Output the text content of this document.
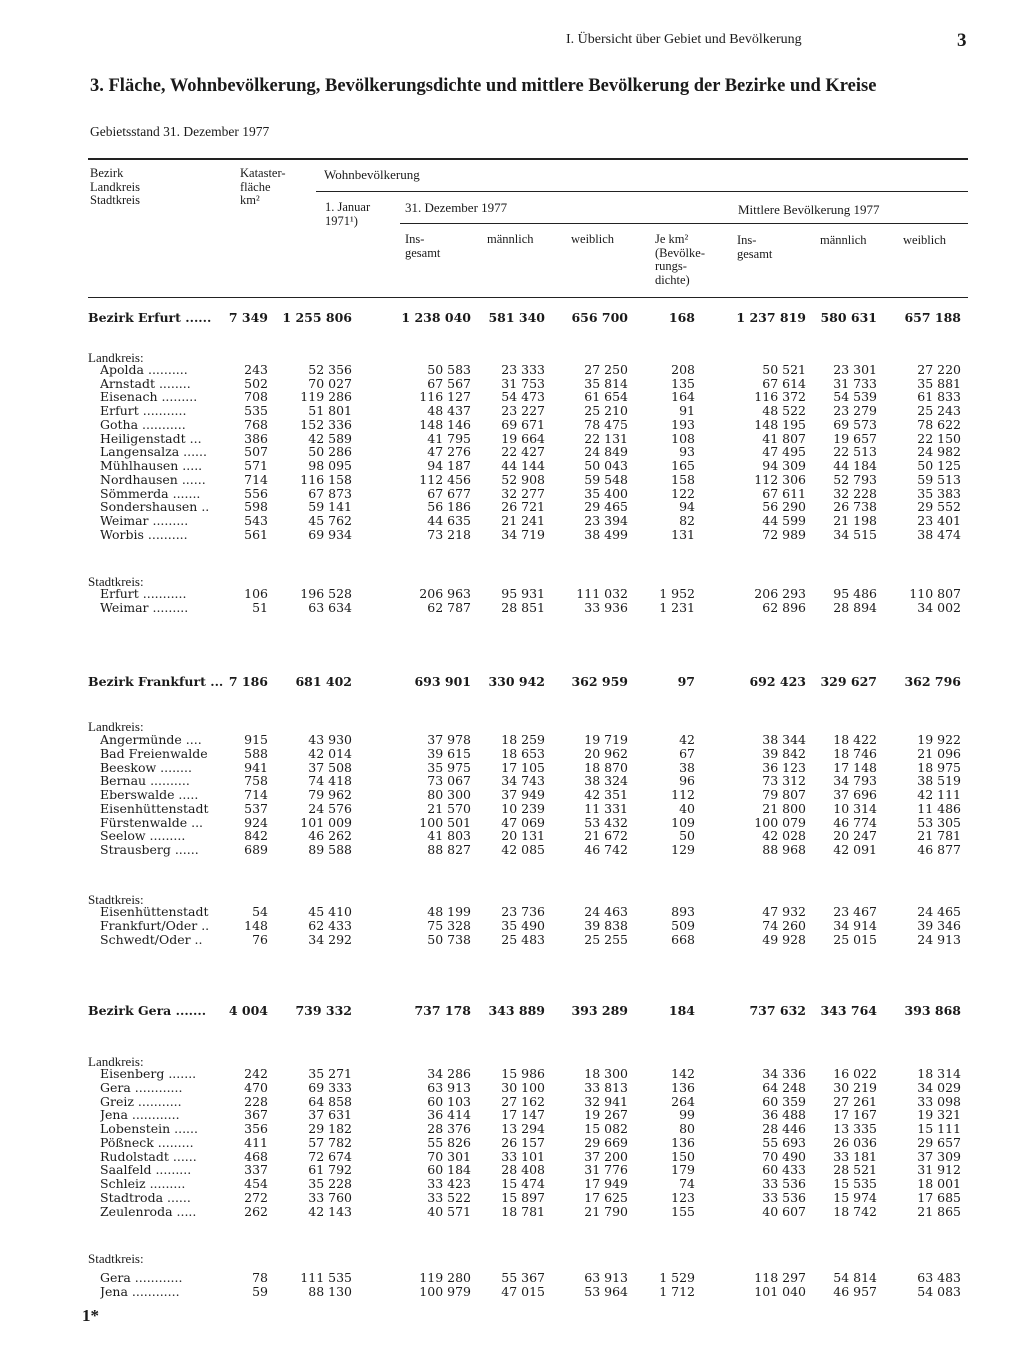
I. Übersicht über Gebiet und Bevölkerung	3
3. Fläche, Wohnbevölkerung, Bevölkerungsdichte und mittlere Bevölkerung der Bezirke und Kreise
Gebietsstand 31. Dezember 1977
Bezirk
Landkreis
Stadtkreis
Kataster-
fläche
km²
Wohnbevölkerung
1. Januar
1971¹)
31. Dezember 1977
Ins-
gesamt
männlich	weiblich	Je km²
(Bevölke-
rungs-
dichte)
Mittlere Bevölkerung 1977
Ins-
gesamt
männlich	weiblich
Landkreis:
Stadtkreis:
Landkreis:
Stadtkreis:
Landkreis:
Stadtkreis:
Bezirk Erfurt ......	7 349	1 255 806	1 238 040	581 340	656 700	168	1 237 819	580 631	657 188
Apolda ..........	243	52 356	50 583	23 333	27 250	208	50 521	23 301	27 220
Arnstadt ........	502	70 027	67 567	31 753	35 814	135	67 614	31 733	35 881
Eisenach .........	708	119 286	116 127	54 473	61 654	164	116 372	54 539	61 833
Erfurt ...........	535	51 801	48 437	23 227	25 210	91	48 522	23 279	25 243
Gotha ...........	768	152 336	148 146	69 671	78 475	193	148 195	69 573	78 622
Heiligenstadt ...	386	42 589	41 795	19 664	22 131	108	41 807	19 657	22 150
Langensalza ......	507	50 286	47 276	22 427	24 849	93	47 495	22 513	24 982
Mühlhausen .....	571	98 095	94 187	44 144	50 043	165	94 309	44 184	50 125
Nordhausen ......	714	116 158	112 456	52 908	59 548	158	112 306	52 793	59 513
Sömmerda .......	556	67 873	67 677	32 277	35 400	122	67 611	32 228	35 383
Sondershausen ..	598	59 141	56 186	26 721	29 465	94	56 290	26 738	29 552
Weimar .........	543	45 762	44 635	21 241	23 394	82	44 599	21 198	23 401
Worbis ..........	561	69 934	73 218	34 719	38 499	131	72 989	34 515	38 474
Erfurt ...........	106	196 528	206 963	95 931	111 032	1 952	206 293	95 486	110 807
Weimar .........	51	63 634	62 787	28 851	33 936	1 231	62 896	28 894	34 002
Bezirk Frankfurt ... 7 186	681 402	693 901	330 942	362 959	97	692 423	329 627	362 796
Angermünde ....	915	43 930	37 978	18 259	19 719	42	38 344	18 422	19 922
Bad Freienwalde	588	42 014	39 615	18 653	20 962	67	39 842	18 746	21 096
Beeskow ........	941	37 508	35 975	17 105	18 870	38	36 123	17 148	18 975
Bernau ..........	758	74 418	73 067	34 743	38 324	96	73 312	34 793	38 519
Eberswalde .....	714	79 962	80 300	37 949	42 351	112	79 807	37 696	42 111
Eisenhüttenstadt	537	24 576	21 570	10 239	11 331	40	21 800	10 314	11 486
Fürstenwalde ...	924	101 009	100 501	47 069	53 432	109	100 079	46 774	53 305
Seelow .........	842	46 262	41 803	20 131	21 672	50	42 028	20 247	21 781
Strausberg ......	689	89 588	88 827	42 085	46 742	129	88 968	42 091	46 877
Eisenhüttenstadt	54	45 410	48 199	23 736	24 463	893	47 932	23 467	24 465
Frankfurt/Oder ..	148	62 433	75 328	35 490	39 838	509	74 260	34 914	39 346
Schwedt/Oder ..	76	34 292	50 738	25 483	25 255	668	49 928	25 015	24 913
Bezirk Gera .......	4 004	739 332	737 178	343 889	393 289	184	737 632	343 764	393 868
Eisenberg .......	242	35 271	34 286	15 986	18 300	142	34 336	16 022	18 314
Gera ............	470	69 333	63 913	30 100	33 813	136	64 248	30 219	34 029
Greiz ...........	228	64 858	60 103	27 162	32 941	264	60 359	27 261	33 098
Jena ............	367	37 631	36 414	17 147	19 267	99	36 488	17 167	19 321
Lobenstein ......	356	29 182	28 376	13 294	15 082	80	28 446	13 335	15 111
Pößneck .........	411	57 782	55 826	26 157	29 669	136	55 693	26 036	29 657
Rudolstadt ......	468	72 674	70 301	33 101	37 200	150	70 490	33 181	37 309
Saalfeld .........	337	61 792	60 184	28 408	31 776	179	60 433	28 521	31 912
Schleiz .........	454	35 228	33 423	15 474	17 949	74	33 536	15 535	18 001
Stadtroda ......	272	33 760	33 522	15 897	17 625	123	33 536	15 974	17 685
Zeulenroda .....	262	42 143	40 571	18 781	21 790	155	40 607	18 742	21 865
Gera ............	78	111 535	119 280	55 367	63 913	1 529	118 297	54 814	63 483
Jena ............	59	88 130	100 979	47 015	53 964	1 712	101 040	46 957	54 083
1*
